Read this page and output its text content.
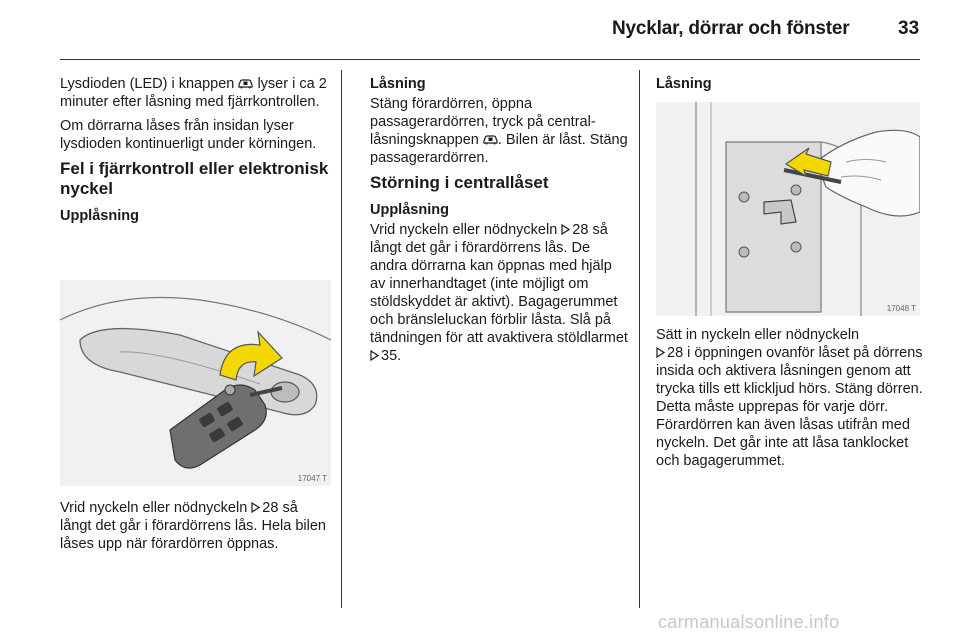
Nycklar, dörrar och fönster	33

Lysdioden (LED) i knappen  lyser i ca 2 minuter efter låsning med fjärrkontrollen.

Om dörrarna låses från insidan lyser lysdioden kontinuerligt under körningen.

Fel i fjärrkontroll eller elektronisk nyckel
Upplåsning
17047 T

Vrid nyckeln eller nödnyckeln 28 så långt det går i förardörrens lås. Hela bilen låses upp när förardörren öppnas.

Låsning

Stäng förardörren, öppna passagerardörren, tryck på centrallåsningsknappen . Bilen är låst. Stäng passagerardörren.

Störning i centrallåset
Upplåsning

Vrid nyckeln eller nödnyckeln 28 så långt det går i förardörrens lås. De andra dörrarna kan öppnas med hjälp av innerhandtaget (inte möjligt om stöldskyddet är aktivt). Bagagerummet och bränsleluckan förblir låsta. Slå på tändningen för att avaktivera stöldlarmet 35.

Låsning
17048 T

Sätt in nyckeln eller nödnyckeln
28 i öppningen ovanför låset på dörrens insida och aktivera låsningen genom att trycka tills ett klickljud hörs. Stäng dörren. Detta måste upprepas för varje dörr. Förardörren kan även låsas utifrån med nyckeln. Det går inte att låsa tanklocket och bagagerummet.

carmanualsonline.info
